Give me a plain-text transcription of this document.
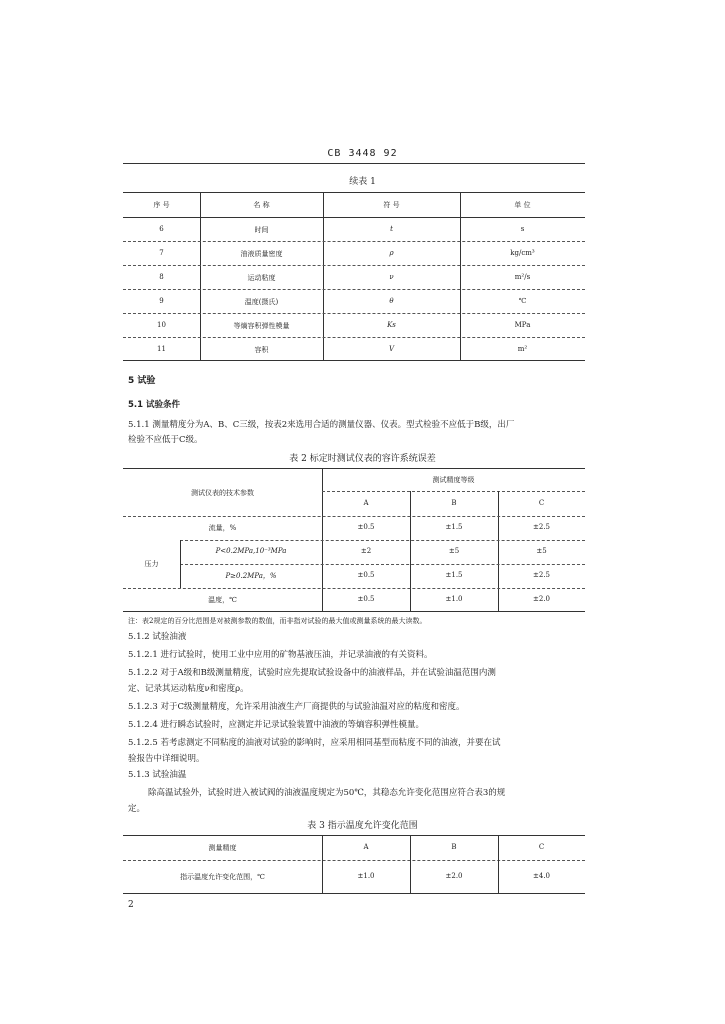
CB 3448 92
续表 1
序 号	名 称	符 号	单 位
6	时间	t	s
7	油液质量密度	ρ	kg/cm³
8	运动粘度	ν	m²/s
9	温度(摄氏)	θ	℃
10	等熵容积弹性模量	Ks	MPa
11	容积	V	m²
5 试验
5.1 试验条件
5.1.1 测量精度分为A、B、C三级，按表2来选用合适的测量仪器、仪表。型式检验不应低于B级，出厂
检验不应低于C级。
表 2 标定时测试仪表的容许系统误差
测试仪表的技术参数
测试精度等级
A	B	C
流量，%	±0.5	±1.5	±2.5
压力
P<0.2MPa,10⁻³MPa	±2	±5	±5
P≥0.2MPa，%	±0.5	±1.5	±2.5
温度，℃	±0.5	±1.0	±2.0
注：表2规定的百分比范围是对被测参数的数值，而非指对试验的最大值或测量系统的最大读数。
5.1.2 试验油液
5.1.2.1 进行试验时，使用工业中应用的矿物基液压油，并记录油液的有关资料。
5.1.2.2 对于A级和B级测量精度，试验时应先提取试验设备中的油液样品，并在试验油温范围内测
定、记录其运动粘度ν和密度ρ。
5.1.2.3 对于C级测量精度，允许采用油液生产厂商提供的与试验油温对应的粘度和密度。
5.1.2.4 进行瞬态试验时，应测定并记录试验装置中油液的等熵容积弹性模量。
5.1.2.5 若考虑测定不同粘度的油液对试验的影响时，应采用相同基型而粘度不同的油液，并要在试
验报告中详细说明。
5.1.3 试验油温
除高温试验外，试验时进入被试阀的油液温度规定为50℃，其稳态允许变化范围应符合表3的规
定。
表 3 指示温度允许变化范围
测量精度	A	B	C
指示温度允许变化范围，℃	±1.0	±2.0	±4.0
2
